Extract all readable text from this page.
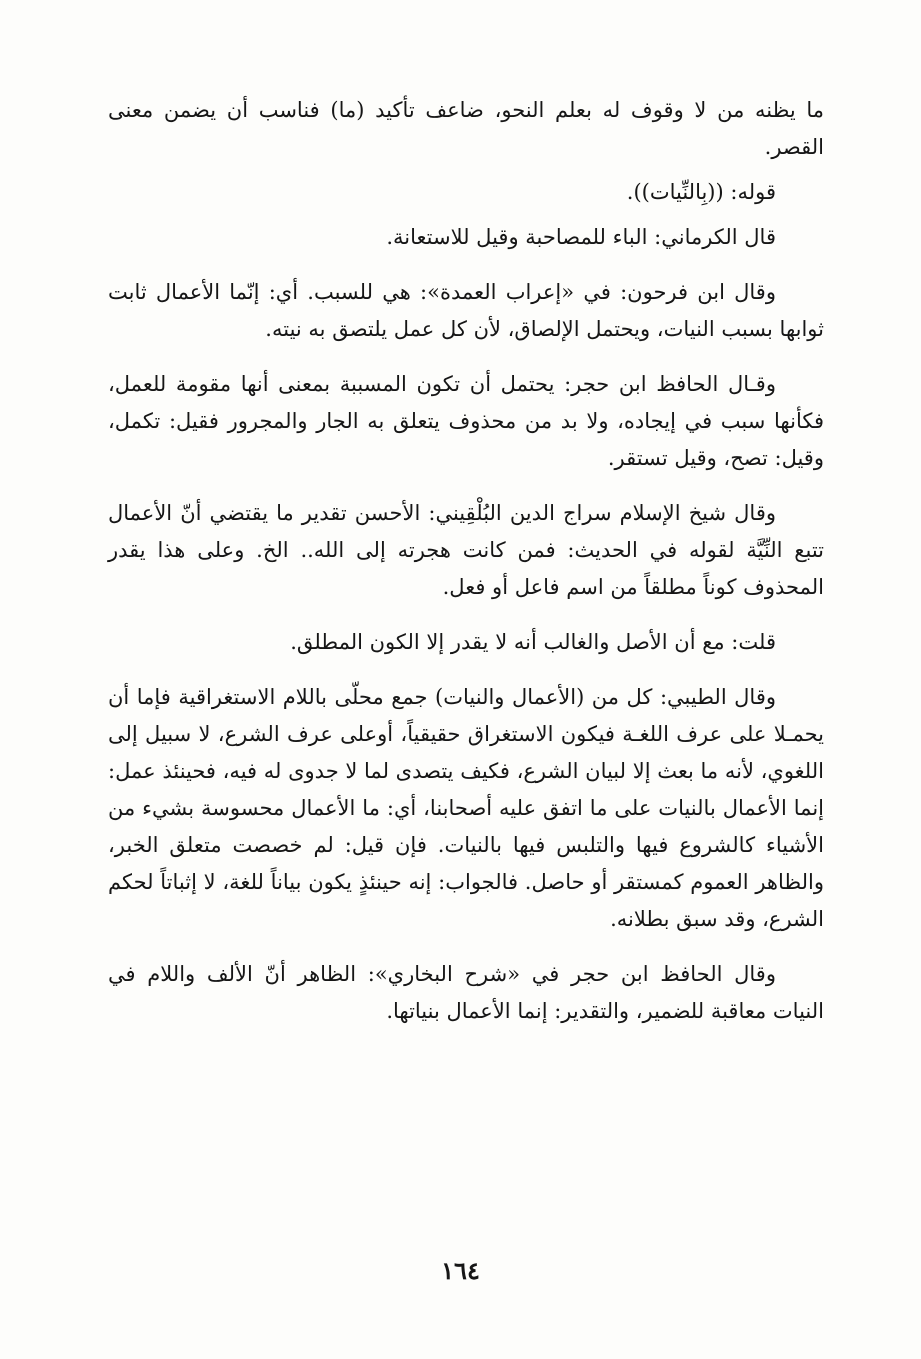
ما يظنه من لا وقوف له بعلم النحو، ضاعف تأكيد (ما) فناسب أن يضمن معنى القصر.

قوله: ((بِالنِّيات)).

قال الكرماني: الباء للمصاحبة وقيل للاستعانة.

وقال ابن فرحون: في «إعراب العمدة»: هي للسبب. أي: إنّما الأعمال ثابت ثوابها بسبب النيات، ويحتمل الإلصاق، لأن كل عمل يلتصق به نيته.

وقـال الحافظ ابن حجر: يحتمل أن تكون المسببة بمعنى أنها مقومة للعمل، فكأنها سبب في إيجاده، ولا بد من محذوف يتعلق به الجار والمجرور فقيل: تكمل، وقيل: تصح، وقيل تستقر.

وقال شيخ الإسلام سراج الدين البُلْقِيني: الأحسن تقدير ما يقتضي أنّ الأعمال تتبع النِّيَّة لقوله في الحديث: فمن كانت هجرته إلى الله.. الخ. وعلى هذا يقدر المحذوف كوناً مطلقاً من اسم فاعل أو فعل.

قلت: مع أن الأصل والغالب أنه لا يقدر إلا الكون المطلق.

وقال الطيبي: كل من (الأعمال والنيات) جمع محلّى باللام الاستغراقية فإما أن يحمـلا على عرف اللغـة فيكون الاستغراق حقيقياً، أوعلى عرف الشرع، لا سبيل إلى اللغوي، لأنه ما بعث إلا لبيان الشرع، فكيف يتصدى لما لا جدوى له فيه، فحينئذ عمل: إنما الأعمال بالنيات على ما اتفق عليه أصحابنا، أي: ما الأعمال محسوسة بشيء من الأشياء كالشروع فيها والتلبس فيها بالنيات. فإن قيل: لم خصصت متعلق الخبر، والظاهر العموم كمستقر أو حاصل. فالجواب: إنه حينئذٍ يكون بياناً للغة، لا إثباتاً لحكم الشرع، وقد سبق بطلانه.

وقال الحافظ ابن حجر في «شرح البخاري»: الظاهر أنّ الألف واللام في النيات معاقبة للضمير، والتقدير: إنما الأعمال بنياتها.

١٦٤
